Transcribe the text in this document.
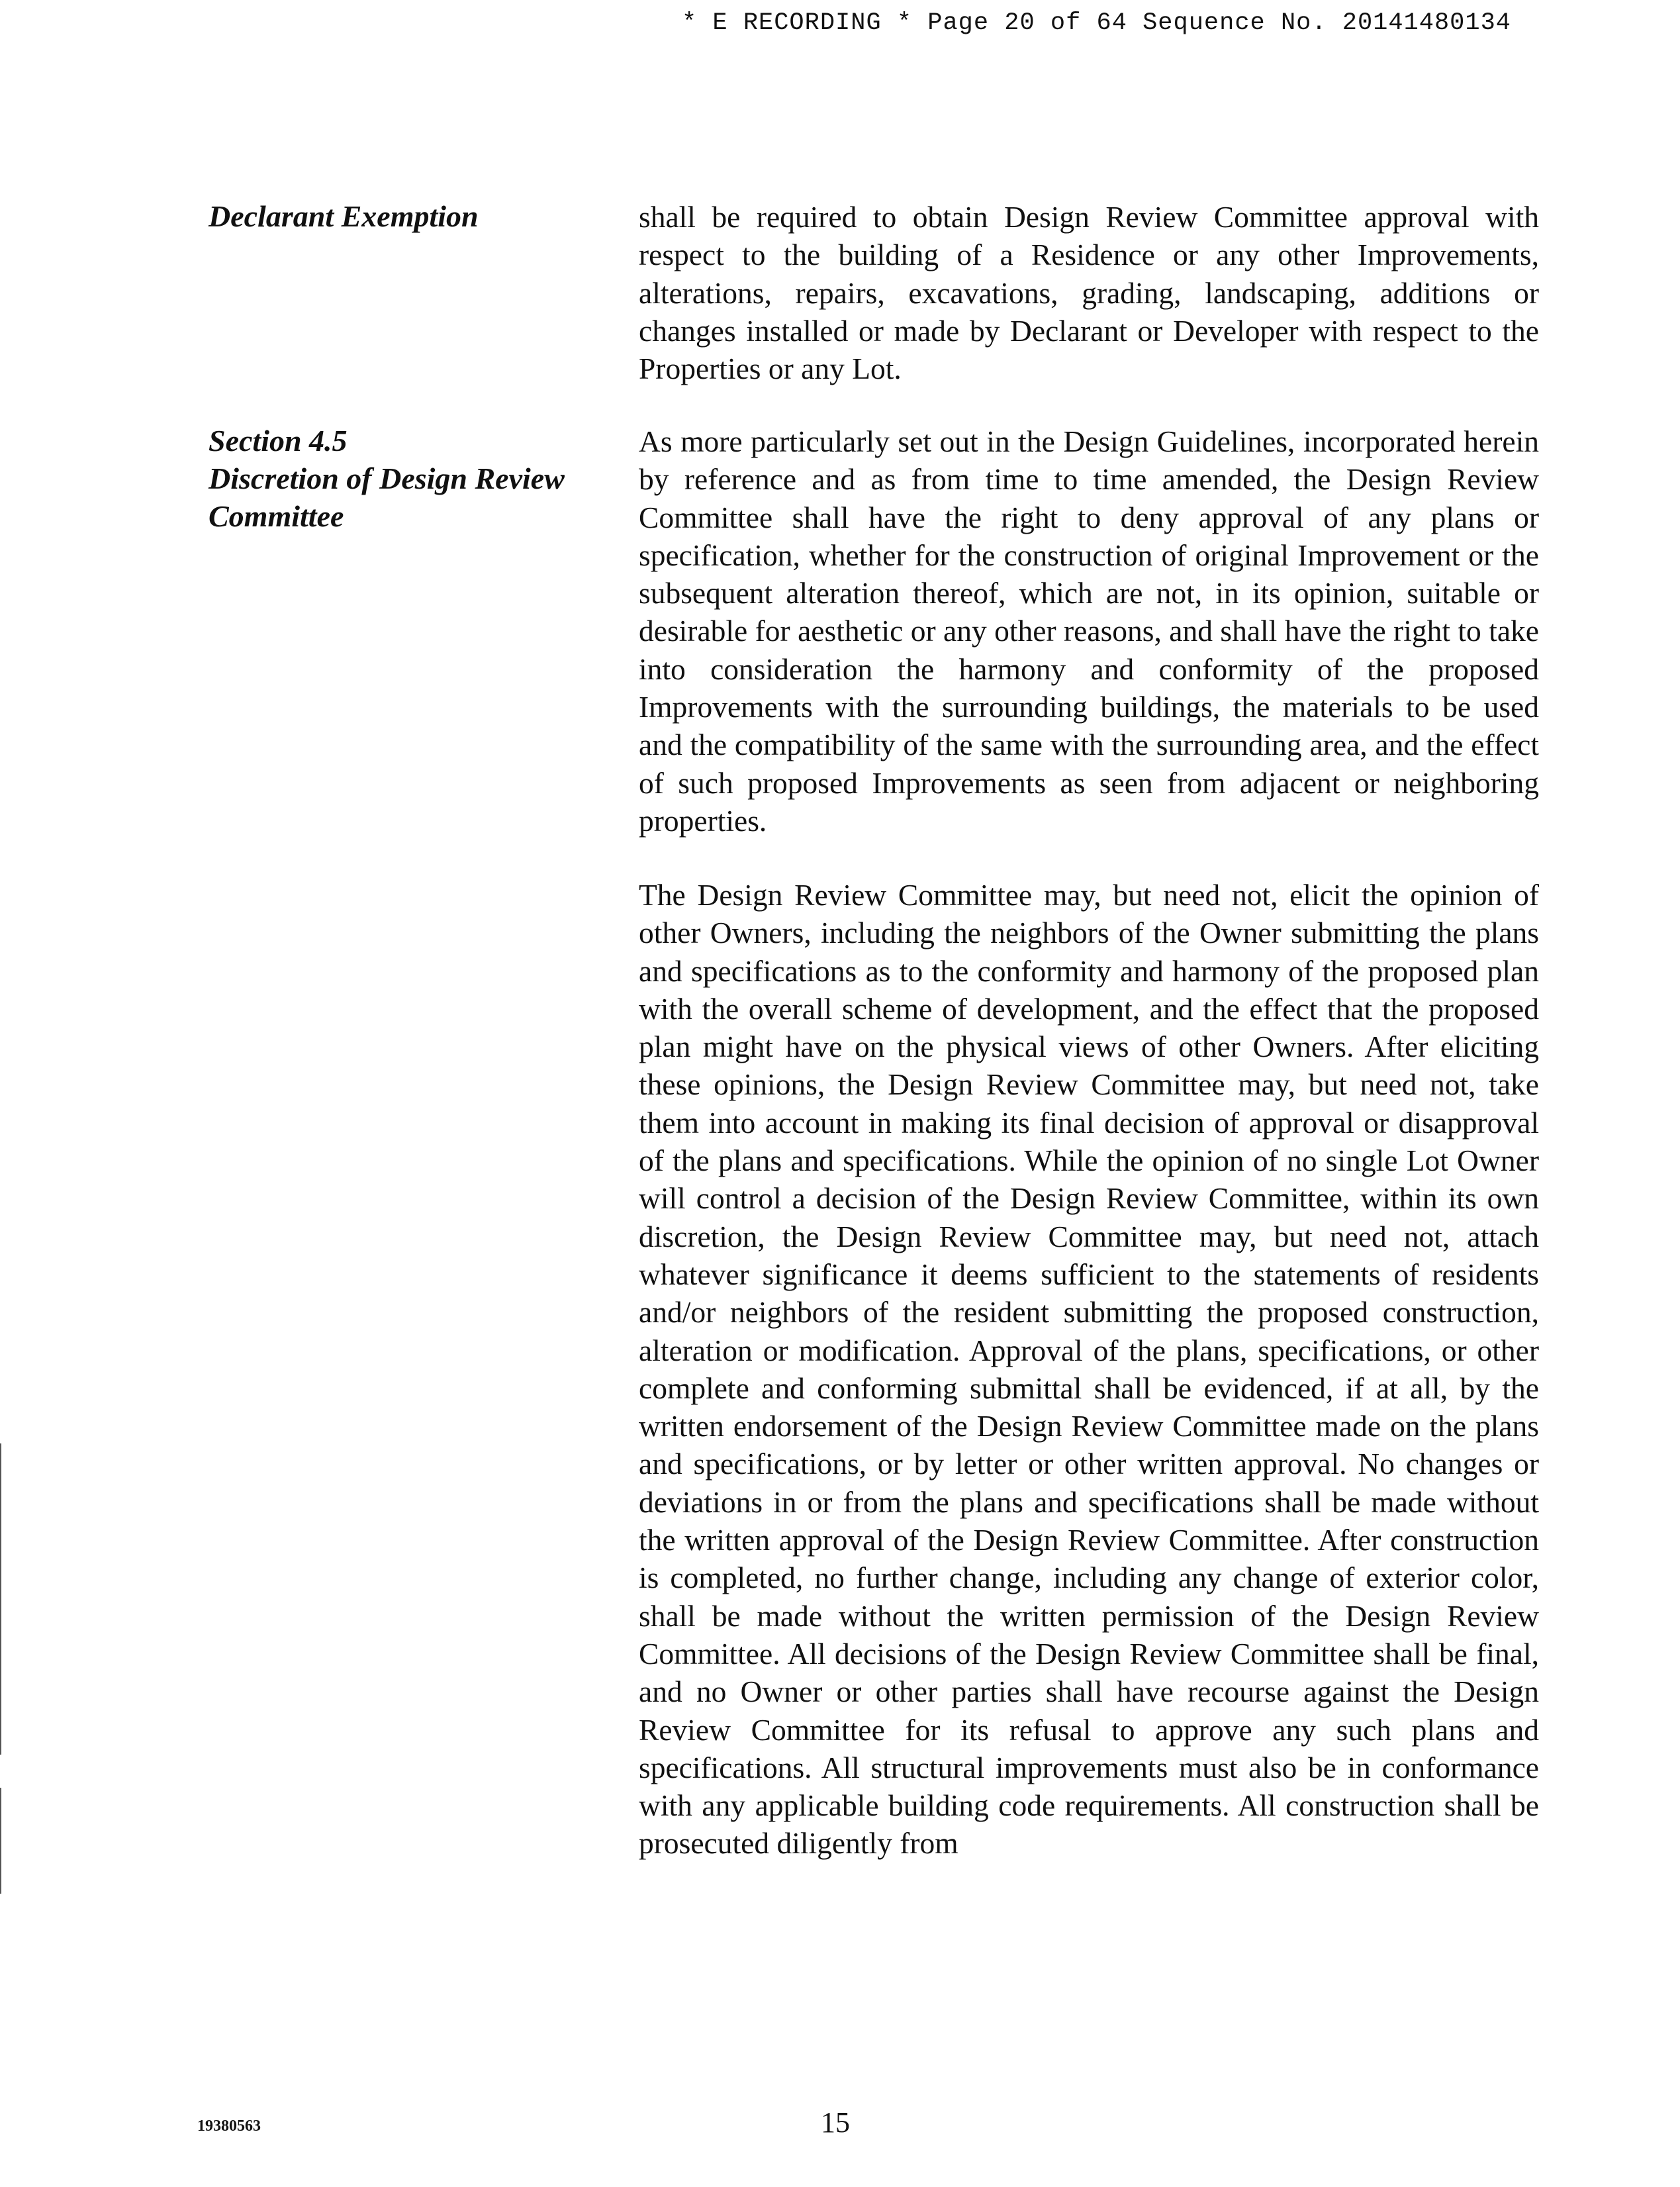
* E RECORDING * Page 20 of 64 Sequence No. 20141480134
Declarant Exemption	shall be required to obtain Design Review Committee approval with respect to the building of a Residence or any other Improvements, alterations, repairs, excavations, grading, landscaping, additions or changes installed or made by Declarant or Developer with respect to the Properties or any Lot.

Section 4.5
Discretion of Design Review
Committee

As more particularly set out in the Design Guidelines, incorporated herein by reference and as from time to time amended, the Design Review Committee shall have the right to deny approval of any plans or specification, whether for the construction of original Improvement or the subsequent alteration thereof, which are not, in its opinion, suitable or desirable for aesthetic or any other reasons, and shall have the right to take into consideration the harmony and conformity of the proposed Improvements with the surrounding buildings, the materials to be used and the compatibility of the same with the surrounding area, and the effect of such proposed Improvements as seen from adjacent or neighboring properties.

The Design Review Committee may, but need not, elicit the opinion of other Owners, including the neighbors of the Owner submitting the plans and specifications as to the conformity and harmony of the proposed plan with the overall scheme of development, and the effect that the proposed plan might have on the physical views of other Owners. After eliciting these opinions, the Design Review Committee may, but need not, take them into account in making its final decision of approval or disapproval of the plans and specifications. While the opinion of no single Lot Owner will control a decision of the Design Review Committee, within its own discretion, the Design Review Committee may, but need not, attach whatever significance it deems sufficient to the statements of residents and/or neighbors of the resident submitting the proposed construction, alteration or modification. Approval of the plans, specifications, or other complete and conforming submittal shall be evidenced, if at all, by the written endorsement of the Design Review Committee made on the plans and specifications, or by letter or other written approval. No changes or deviations in or from the plans and specifications shall be made without the written approval of the Design Review Committee. After construction is completed, no further change, including any change of exterior color, shall be made without the written permission of the Design Review Committee. All decisions of the Design Review Committee shall be final, and no Owner or other parties shall have recourse against the Design Review Committee for its refusal to approve any such plans and specifications. All structural improvements must also be in conformance with any applicable building code requirements. All construction shall be prosecuted diligently from

19380563	15
